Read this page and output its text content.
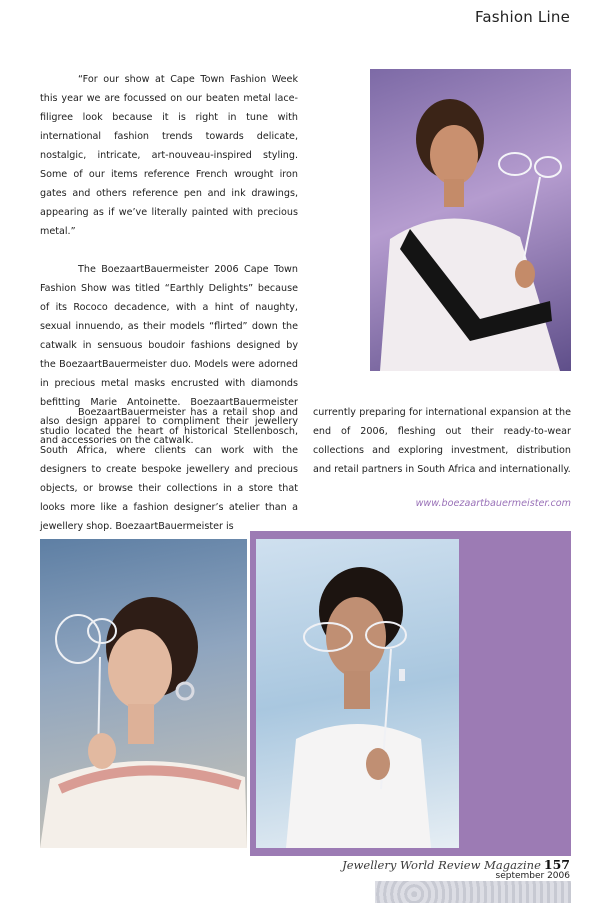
Fashion Line

“For our show at Cape Town Fashion Week this year we are focussed on our beaten metal lace-filigree look because it is right in tune with international fashion trends towards delicate, nostalgic, intricate, art-nouveau-inspired styling. Some of our items reference French wrought iron gates and others reference pen and ink drawings, appearing as if we’ve literally painted with precious metal.”

The BoezaartBauermeister 2006 Cape Town Fashion Show was titled “Earthly Delights” because of its Rococo decadence, with a hint of naughty, sexual innuendo, as their models “flirted” down the catwalk in sensuous boudoir fashions designed by the BoezaartBauermeister duo. Models were adorned in precious metal masks encrusted with diamonds befitting Marie Antoinette. BoezaartBauermeister also design apparel to compliment their jewellery and accessories on the catwalk.

BoezaartBauermeister has a retail shop and studio located the heart of historical Stellenbosch, South Africa, where clients can work with the designers to create bespoke jewellery and precious objects, or browse their collections in a store that looks more like a fashion designer’s atelier than a jewellery shop. BoezaartBauermeister is

currently preparing for international expansion at the end of 2006, fleshing out their ready-to-wear collections and exploring investment, distribution and retail partners in South Africa and internationally.

www.boezaartbauermeister.com
Jewellery World Review Magazine 157
september 2006
